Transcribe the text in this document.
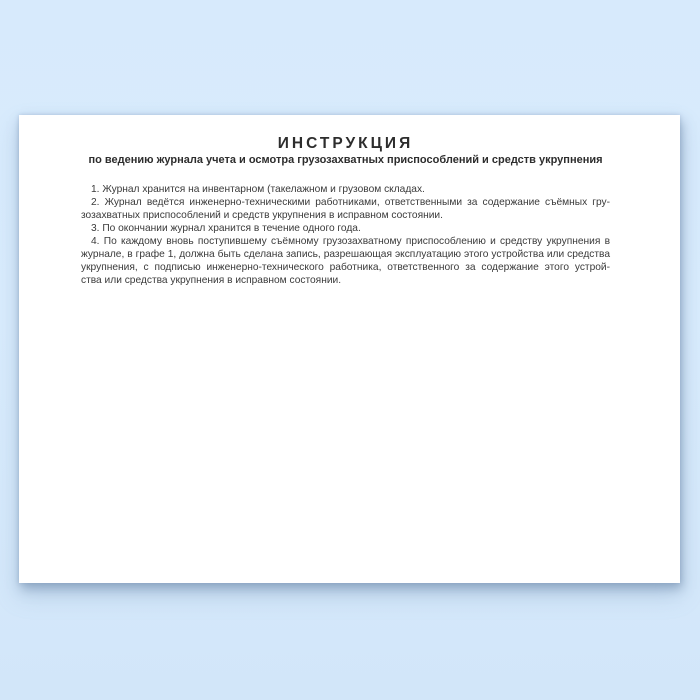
ИНСТРУКЦИЯ
по ведению журнала учета и осмотра грузозахватных приспособлений и средств укрупнения
1. Журнал хранится на инвентарном (такелажном и грузовом складах.
2. Журнал ведётся инженерно-техническими работниками, ответственными за содержание съёмных гру-
зозахватных приспособлений и средств укрупнения в исправном состоянии.
3. По окончании журнал хранится в течение одного года.
4. По каждому вновь поступившему съёмному грузозахватному приспособлению и средству укрупнения в
журнале, в графе 1, должна быть сделана запись, разрешающая эксплуатацию этого устройства или средства
укрупнения, с подписью инженерно-технического работника, ответственного за содержание этого устрой-
ства или средства укрупнения в исправном состоянии.
